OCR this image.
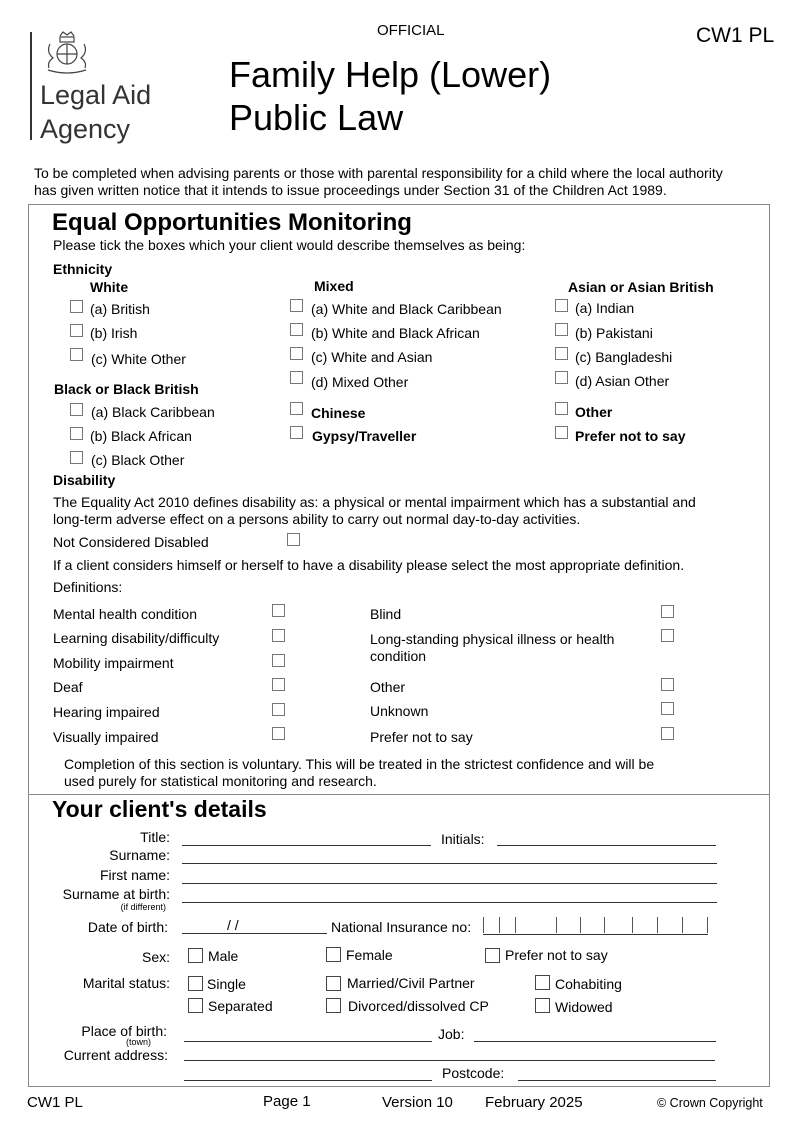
OFFICIAL	CW1 PL
Legal Aid
Agency
Family Help (Lower)
Public Law
To be completed when advising parents or those with parental responsibility for a child where the local authority
has given written notice that it intends to issue proceedings under Section 31 of the Children Act 1989.
Equal Opportunities Monitoring
Please tick the boxes which your client would describe themselves as being:
Ethnicity
White
(a) British
(b) Irish
(c) White Other
Black or Black British
(a) Black Caribbean
(b) Black African
(c) Black Other
Mixed
(a) White and Black Caribbean
(b) White and Black African
(c) White and Asian
(d) Mixed Other
Chinese
Gypsy/Traveller
Asian or Asian British
(a) Indian
(b) Pakistani
(c) Bangladeshi
(d) Asian Other
Other
Prefer not to say
Disability
The Equality Act 2010 defines disability as: a physical or mental impairment which has a substantial and
long-term adverse effect on a persons ability to carry out normal day-to-day activities.
Not Considered Disabled
If a client considers himself or herself to have a disability please select the most appropriate definition.
Definitions:
Mental health condition
Learning disability/difficulty
Mobility impairment
Deaf
Hearing impaired
Visually impaired
Blind
Long-standing physical illness or health
condition
Other
Unknown
Prefer not to say
Completion of this section is voluntary. This will be treated in the strictest confidence and will be
used purely for statistical monitoring and research.
Your client's details
Title:	Initials:
Surname:
First name:
Surname at birth:
(if different)
Date of birth:	/ /	National Insurance no:
Sex:	Male	Female	Prefer not to say
Marital status:	Single	Married/Civil Partner	Cohabiting
Separated	Divorced/dissolved CP	Widowed
Place of birth:
(town)	Job:
Current address:
Postcode:
CW1 PL	Page 1	Version 10 February 2025	© Crown Copyright
